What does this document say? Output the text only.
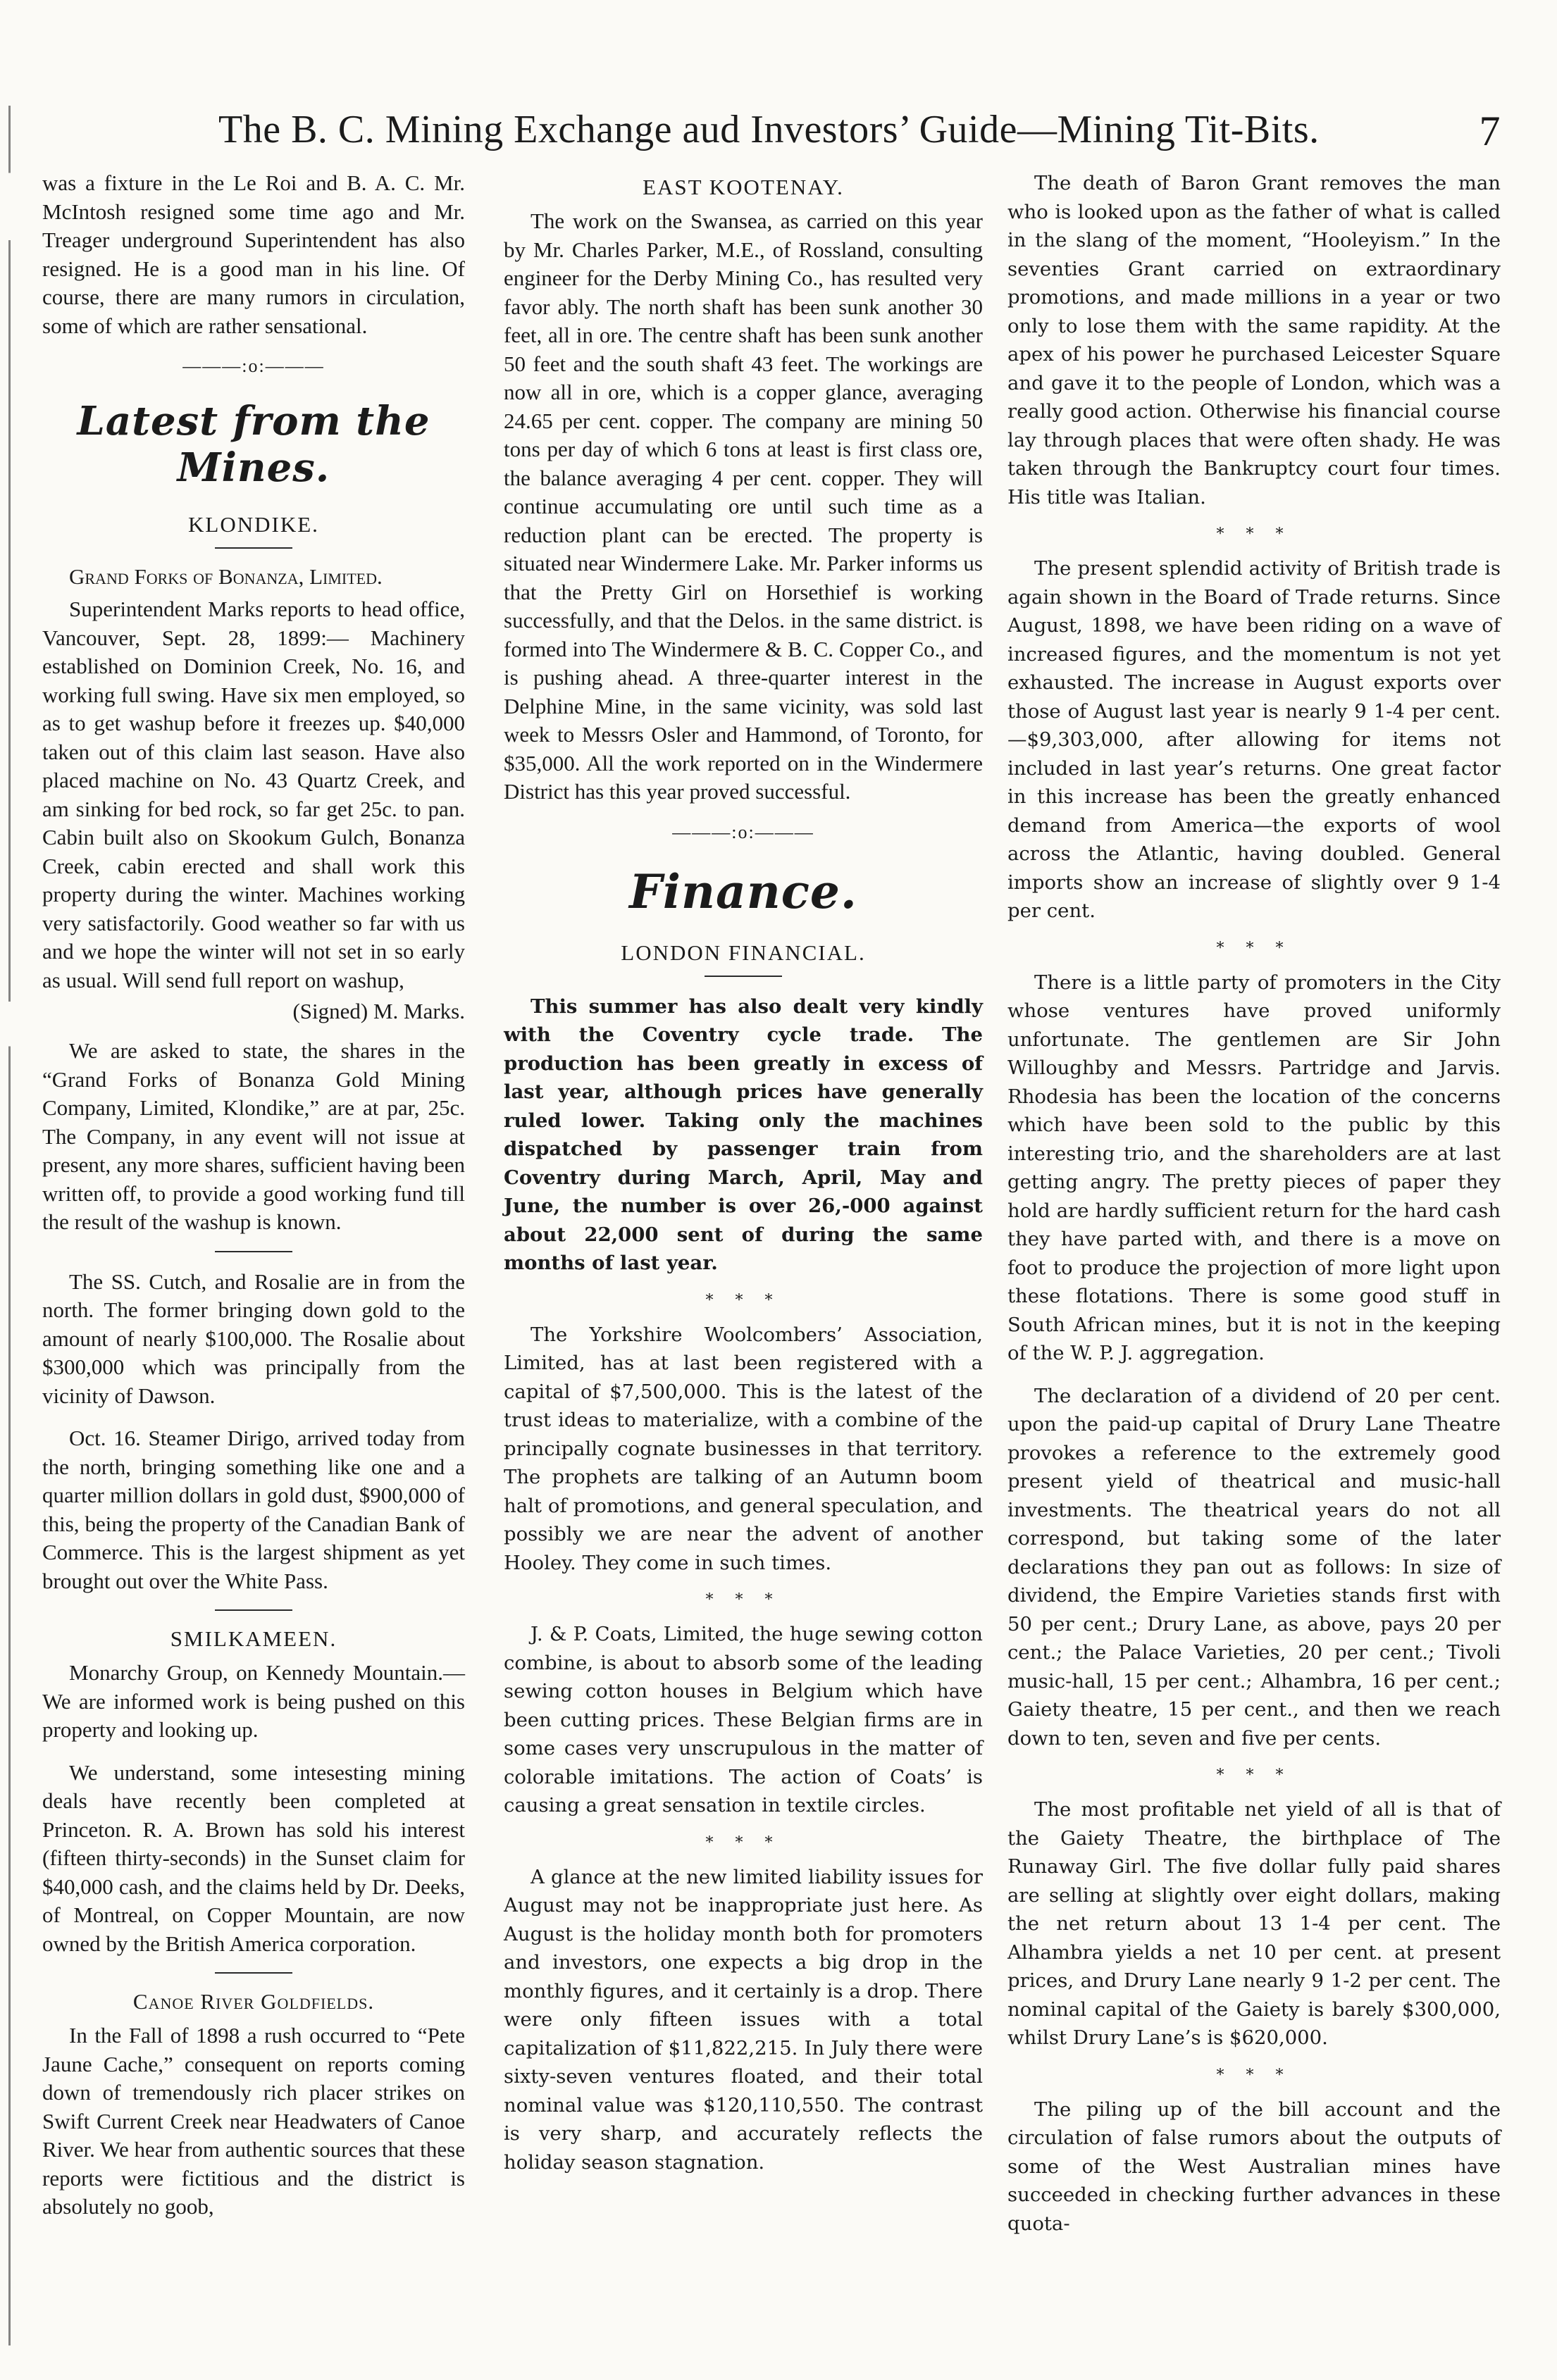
The B. C. Mining Exchange aud Investors’ Guide—Mining Tit-Bits.	7

was a fixture in the Le Roi and B. A. C. Mr. McIntosh resigned some time ago and Mr. Treager underground Superintendent has also resigned. He is a good man in his line. Of course, there are many rumors in circulation, some of which are rather sensational.

———:o:———
Latest from the Mines.
KLONDIKE.
Grand Forks of Bonanza, Limited.

Superintendent Marks reports to head office, Vancouver, Sept. 28, 1899:— Machinery established on Dominion Creek, No. 16, and working full swing. Have six men employed, so as to get washup before it freezes up. $40,000 taken out of this claim last season. Have also placed machine on No. 43 Quartz Creek, and am sinking for bed rock, so far get 25c. to pan. Cabin built also on Skookum Gulch, Bonanza Creek, cabin erected and shall work this property during the winter. Machines working very satisfactorily. Good weather so far with us and we hope the winter will not set in so early as usual. Will send full report on washup,

(Signed) M. Marks.

We are asked to state, the shares in the “Grand Forks of Bonanza Gold Mining Company, Limited, Klondike,” are at par, 25c. The Company, in any event will not issue at present, any more shares, sufficient having been written off, to provide a good working fund till the result of the washup is known.

The SS. Cutch, and Rosalie are in from the north. The former bringing down gold to the amount of nearly $100,000. The Rosalie about $300,000 which was principally from the vicinity of Dawson.

Oct. 16. Steamer Dirigo, arrived today from the north, bringing something like one and a quarter million dollars in gold dust, $900,000 of this, being the property of the Canadian Bank of Commerce. This is the largest shipment as yet brought out over the White Pass.

SMILKAMEEN.

Monarchy Group, on Kennedy Mountain.—We are informed work is being pushed on this property and looking up.

We understand, some intesesting mining deals have recently been completed at Princeton. R. A. Brown has sold his interest (fifteen thirty-seconds) in the Sunset claim for $40,000 cash, and the claims held by Dr. Deeks, of Montreal, on Copper Mountain, are now owned by the British America corporation.

Canoe River Goldfields.

In the Fall of 1898 a rush occurred to “Pete Jaune Cache,” consequent on reports coming down of tremendously rich placer strikes on Swift Current Creek near Headwaters of Canoe River. We hear from authentic sources that these reports were fictitious and the district is absolutely no goob,

EAST KOOTENAY.

The work on the Swansea, as carried on this year by Mr. Charles Parker, M.E., of Rossland, consulting engineer for the Derby Mining Co., has resulted very favor ably. The north shaft has been sunk another 30 feet, all in ore. The centre shaft has been sunk another 50 feet and the south shaft 43 feet. The workings are now all in ore, which is a copper glance, averaging 24.65 per cent. copper. The company are mining 50 tons per day of which 6 tons at least is first class ore, the balance averaging 4 per cent. copper. They will continue accumulating ore until such time as a reduction plant can be erected. The property is situated near Windermere Lake. Mr. Parker informs us that the Pretty Girl on Horsethief is working successfully, and that the Delos. in the same district. is formed into The Windermere & B. C. Copper Co., and is pushing ahead. A three-quarter interest in the Delphine Mine, in the same vicinity, was sold last week to Messrs Osler and Hammond, of Toronto, for $35,000. All the work reported on in the Windermere District has this year proved successful.

———:o:———
Finance.
LONDON FINANCIAL.

This summer has also dealt very kindly with the Coventry cycle trade. The production has been greatly in excess of last year, although prices have generally ruled lower. Taking only the machines dispatched by passenger train from Coventry during March, April, May and June, the number is over 26,-000 against about 22,000 sent of during the same months of last year.

* * *

The Yorkshire Woolcombers’ Association, Limited, has at last been registered with a capital of $7,500,000. This is the latest of the trust ideas to materialize, with a combine of the principally cognate businesses in that territory. The prophets are talking of an Autumn boom halt of promotions, and general speculation, and possibly we are near the advent of another Hooley. They come in such times.

* * *

J. & P. Coats, Limited, the huge sewing cotton combine, is about to absorb some of the leading sewing cotton houses in Belgium which have been cutting prices. These Belgian firms are in some cases very unscrupulous in the matter of colorable imitations. The action of Coats’ is causing a great sensation in textile circles.

* * *

A glance at the new limited liability issues for August may not be inappropriate just here. As August is the holiday month both for promoters and investors, one expects a big drop in the monthly figures, and it certainly is a drop. There were only fifteen issues with a total capitalization of $11,822,215. In July there were sixty-seven ventures floated, and their total nominal value was $120,110,550. The contrast is very sharp, and accurately reflects the holiday season stagnation.

The death of Baron Grant removes the man who is looked upon as the father of what is called in the slang of the moment, “Hooleyism.” In the seventies Grant carried on extraordinary promotions, and made millions in a year or two only to lose them with the same rapidity. At the apex of his power he purchased Leicester Square and gave it to the people of London, which was a really good action. Otherwise his financial course lay through places that were often shady. He was taken through the Bankruptcy court four times. His title was Italian.

* * *

The present splendid activity of British trade is again shown in the Board of Trade returns. Since August, 1898, we have been riding on a wave of increased figures, and the momentum is not yet exhausted. The increase in August exports over those of August last year is nearly 9 1-4 per cent.—$9,303,000, after allowing for items not included in last year’s returns. One great factor in this increase has been the greatly enhanced demand from America—the exports of wool across the Atlantic, having doubled. General imports show an increase of slightly over 9 1-4 per cent.

* * *

There is a little party of promoters in the City whose ventures have proved uniformly unfortunate. The gentlemen are Sir John Willoughby and Messrs. Partridge and Jarvis. Rhodesia has been the location of the concerns which have been sold to the public by this interesting trio, and the shareholders are at last getting angry. The pretty pieces of paper they hold are hardly sufficient return for the hard cash they have parted with, and there is a move on foot to produce the projection of more light upon these flotations. There is some good stuff in South African mines, but it is not in the keeping of the W. P. J. aggregation.

The declaration of a dividend of 20 per cent. upon the paid-up capital of Drury Lane Theatre provokes a reference to the extremely good present yield of theatrical and music-hall investments. The theatrical years do not all correspond, but taking some of the later declarations they pan out as follows: In size of dividend, the Empire Varieties stands first with 50 per cent.; Drury Lane, as above, pays 20 per cent.; the Palace Varieties, 20 per cent.; Tivoli music-hall, 15 per cent.; Alhambra, 16 per cent.; Gaiety theatre, 15 per cent., and then we reach down to ten, seven and five per cents.

* * *

The most profitable net yield of all is that of the Gaiety Theatre, the birthplace of The Runaway Girl. The five dollar fully paid shares are selling at slightly over eight dollars, making the net return about 13 1-4 per cent. The Alhambra yields a net 10 per cent. at present prices, and Drury Lane nearly 9 1-2 per cent. The nominal capital of the Gaiety is barely $300,000, whilst Drury Lane’s is $620,000.

* * *

The piling up of the bill account and the circulation of false rumors about the outputs of some of the West Australian mines have succeeded in checking further advances in these quota-
